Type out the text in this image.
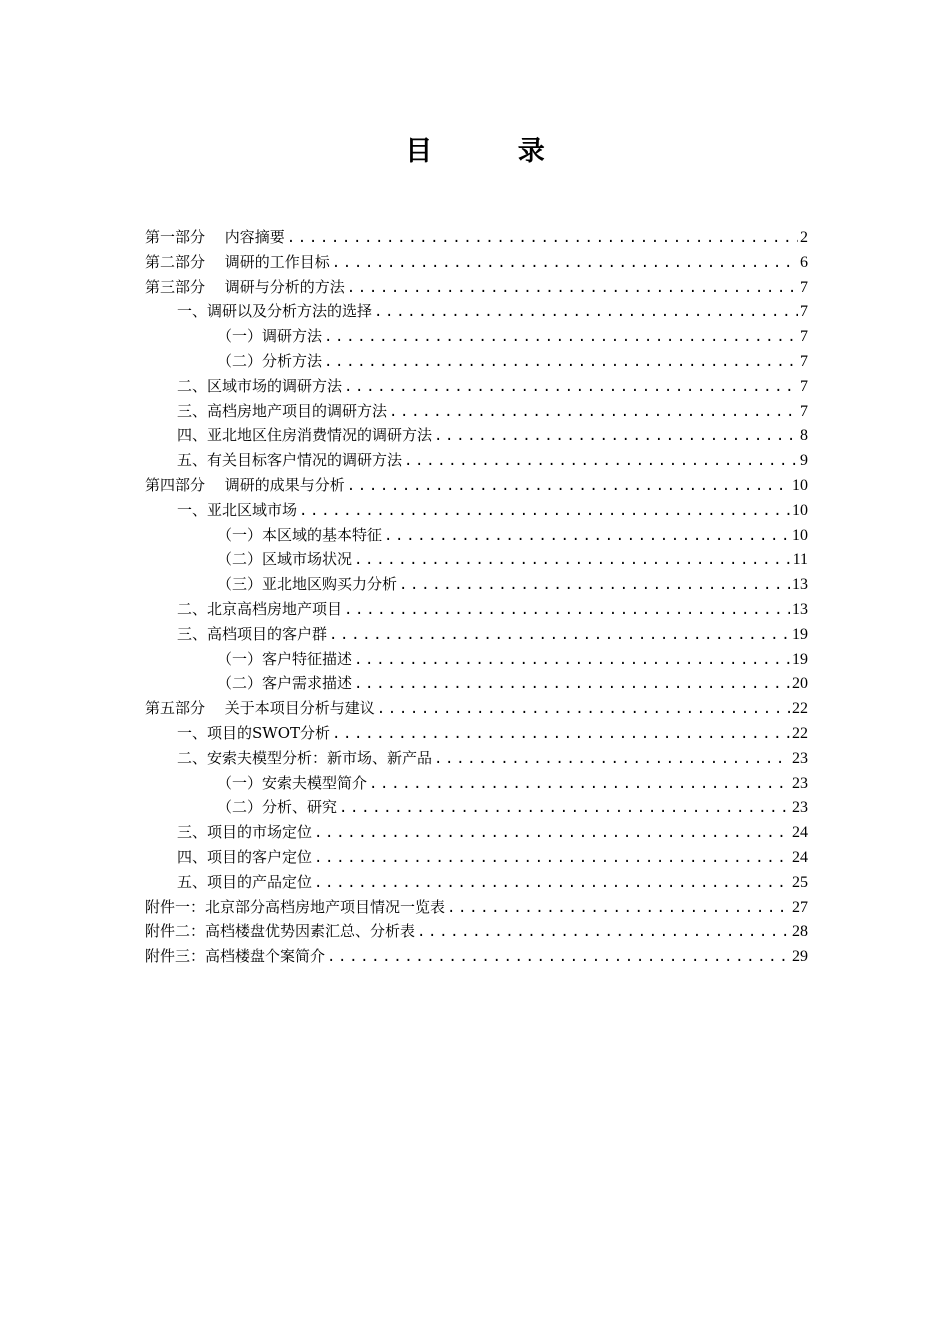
目 录
第一部分　 内容摘要 .....	2
第二部分　 调研的工作目标 .....	6
第三部分　 调研与分析的方法 .....	7
一、调研以及分析方法的选择 .....	7
（一）调研方法 .....	7
（二）分析方法 .....	7
二、区域市场的调研方法 .....	7
三、高档房地产项目的调研方法 .....	7
四、亚北地区住房消费情况的调研方法 .....	8
五、有关目标客户情况的调研方法 .....	9
第四部分　 调研的成果与分析 .....	10
一、亚北区域市场 .....	10
（一）本区域的基本特征 .....	10
（二）区域市场状况 .....	11
（三）亚北地区购买力分析 .....	13
二、北京高档房地产项目 .....	13
三、高档项目的客户群 .....	19
（一）客户特征描述 .....	19
（二）客户需求描述 .....	20
第五部分　 关于本项目分析与建议 .....	22
一、项目的SWOT分析 .....	22
二、安索夫模型分析：新市场、新产品 .....	23
（一）安索夫模型简介 .....	23
（二）分析、研究 .....	23
三、项目的市场定位 .....	24
四、项目的客户定位 .....	24
五、项目的产品定位 .....	25
附件一：北京部分高档房地产项目情况一览表 .....	27
附件二：高档楼盘优势因素汇总、分析表 .....	28
附件三：高档楼盘个案简介 .....	29
